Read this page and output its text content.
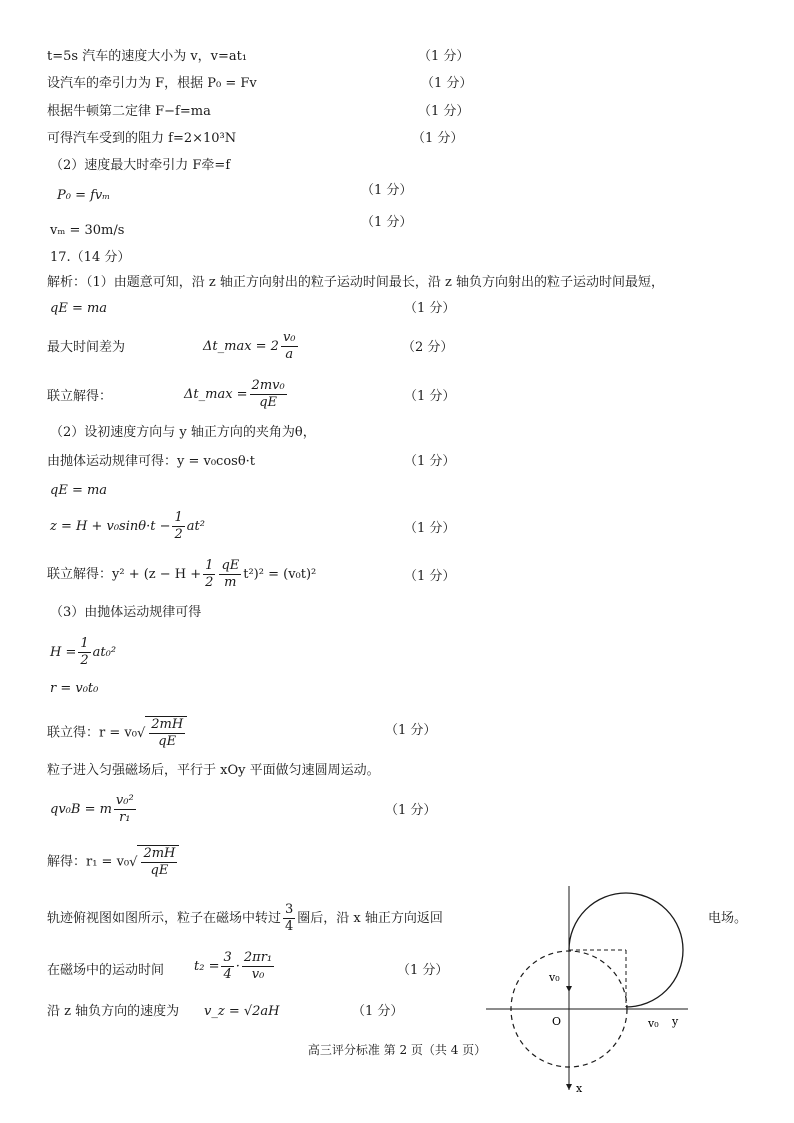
t=5s 汽车的速度大小为 v，v=at₁	（1 分）
设汽车的牵引力为 F，根据 P₀ = Fv	（1 分）
根据牛顿第二定律 F−f=ma	（1 分）
可得汽车受到的阻力 f=2×10³N	（1 分）
（2）速度最大时牵引力 F牵=f
P₀ = fvₘ	（1 分）
vₘ = 30m/s
（1 分）
17.（14 分）
解析：（1）由题意可知，沿 z 轴正方向射出的粒子运动时间最长，沿 z 轴负方向射出的粒子运动时间最短，
qE = ma	（1 分）
最大时间差为	Δt_max = $2 \frac{\text{v₀}}{a}$	（2 分）
联立解得：	Δt_max = $\frac{\text{2mv₀}}{qE}$	（1 分）
（2）设初速度方向与 y 轴正方向的夹角为θ，
由抛体运动规律可得：y = v₀cosθ·t	（1 分）
qE = ma
$z = H + v_0\sin\theta\cdot t - \frac{1}{2} at^2$	（1 分）
联立解得：$y^2 + (z - H + \frac{1}{2} \frac{qE}{m} t^2)^2 = (v_0t)^2$	（1 分）
（3）由抛体运动规律可得
$H = \frac{1}{2} at_0^2$
r = v₀t₀
联立得：$r = v_0√ \frac{2mH}{qE}$	（1 分）
粒子进入匀强磁场后，平行于 xOy 平面做匀速圆周运动。
qv₀B = m $\frac{\text{v₀²}}{\text{r₁}}$	（1 分）
解得：$r_1 = v_0√ \frac{2mH}{qE}$
轨迹俯视图如图所示，粒子在磁场中转过 $\frac{3}{4}$ 圈后，沿 x 轴正方向返回	电场。
在磁场中的运动时间 $t_2 = \frac{3}{4} \cdot \frac{\text{2πr₁}}{\text{v₀}}$	（1 分）
沿 z 轴负方向的速度为 v_z = √2aH	（1 分）
v₀
v₀
O	y
x
高三评分标准 第 2 页（共 4 页）
